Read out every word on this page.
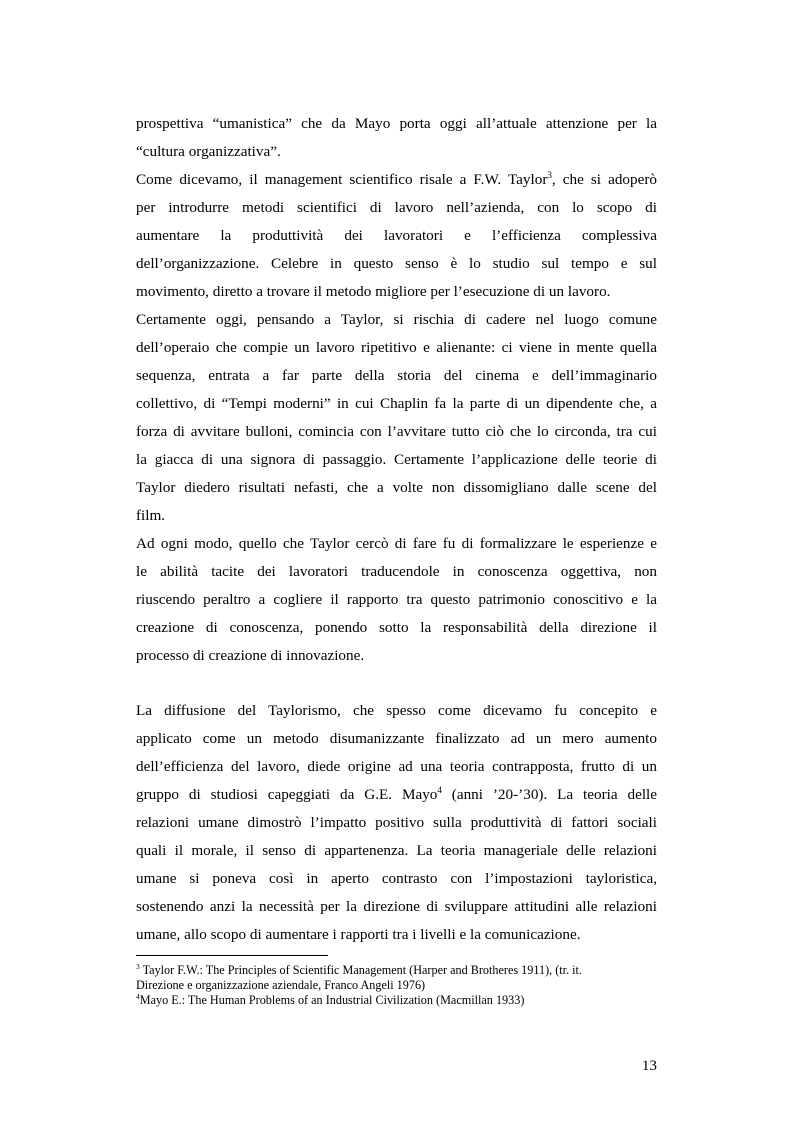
prospettiva “umanistica” che da Mayo porta oggi all’attuale attenzione per la
“cultura organizzativa”.
Come dicevamo, il management scientifico risale a F.W. Taylor$^3$, che si adoperò
per introdurre metodi scientifici di lavoro nell’azienda, con lo scopo di
aumentare la produttività dei lavoratori e l’efficienza complessiva
dell’organizzazione. Celebre in questo senso è lo studio sul tempo e sul
movimento, diretto a trovare il metodo migliore per l’esecuzione di un lavoro.
Certamente oggi, pensando a Taylor, si rischia di cadere nel luogo comune
dell’operaio che compie un lavoro ripetitivo e alienante: ci viene in mente quella
sequenza, entrata a far parte della storia del cinema e dell’immaginario
collettivo, di “Tempi moderni” in cui Chaplin fa la parte di un dipendente che, a
forza di avvitare bulloni, comincia con l’avvitare tutto ciò che lo circonda, tra cui
la giacca di una signora di passaggio. Certamente l’applicazione delle teorie di
Taylor diedero risultati nefasti, che a volte non dissomigliano dalle scene del
film.
Ad ogni modo, quello che Taylor cercò di fare fu di formalizzare le esperienze e
le abilità tacite dei lavoratori traducendole in conoscenza oggettiva, non
riuscendo peraltro a cogliere il rapporto tra questo patrimonio conoscitivo e la
creazione di conoscenza, ponendo sotto la responsabilità della direzione il
processo di creazione di innovazione.
La diffusione del Taylorismo, che spesso come dicevamo fu concepito e
applicato come un metodo disumanizzante finalizzato ad un mero aumento
dell’efficienza del lavoro, diede origine ad una teoria contrapposta, frutto di un
gruppo di studiosi capeggiati da G.E. Mayo$^4$ (anni ’20-’30). La teoria delle
relazioni umane dimostrò l’impatto positivo sulla produttività di fattori sociali
quali il morale, il senso di appartenenza. La teoria manageriale delle relazioni
umane si poneva così in aperto contrasto con l’impostazioni tayloristica,
sostenendo anzi la necessità per la direzione di sviluppare attitudini alle relazioni
umane, allo scopo di aumentare i rapporti tra i livelli e la comunicazione.
$^3$ Taylor F.W.: The Principles of Scientific Management (Harper and Brotheres 1911), (tr. it.
Direzione e organizzazione aziendale, Franco Angeli 1976)
$^4$Mayo E.: The Human Problems of an Industrial Civilization (Macmillan 1933)
13
